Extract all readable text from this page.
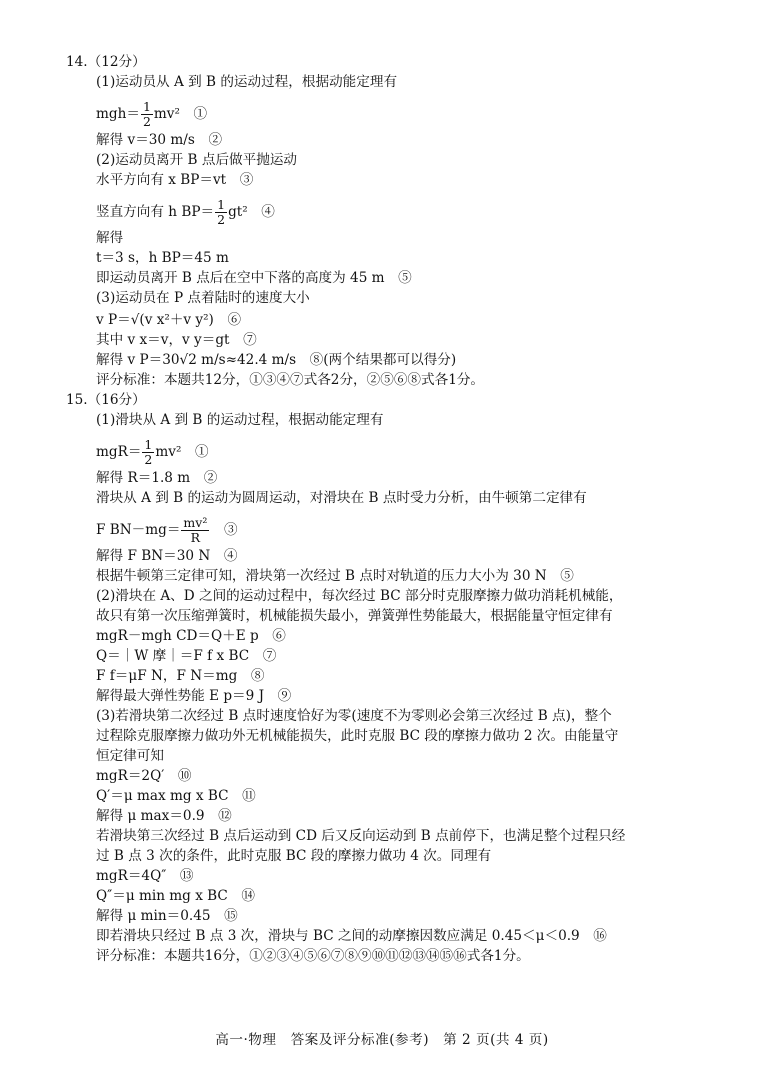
14.（12分）
(1)运动员从 A 到 B 的运动过程，根据动能定理有
$mgh= \frac{1}{2} mv^2$　①
解得 v＝30 m/s　②
(2)运动员离开 B 点后做平抛运动
水平方向有 x BP＝vt　③
竖直方向有 h $BP= \frac{1}{2} gt^2$　④
解得
t＝3 s，h BP＝45 m
即运动员离开 B 点后在空中下落的高度为 45 m　⑤
(3)运动员在 P 点着陆时的速度大小
v P＝√(v x²＋v y²)　⑥
其中 v x＝v，v y＝gt　⑦
解得 v P＝30√2 m/s≈42.4 m/s　⑧(两个结果都可以得分)
评分标准：本题共12分，①③④⑦式各2分，②⑤⑥⑧式各1分。
15.（16分）
(1)滑块从 A 到 B 的运动过程，根据动能定理有
$mgR= \frac{1}{2} mv^2$　①
解得 R＝1.8 m　②
滑块从 A 到 B 的运动为圆周运动，对滑块在 B 点时受力分析，由牛顿第二定律有
F $BN-mg= \frac{\text{mv²}}{R}$ 　③
解得 F BN＝30 N　④
根据牛顿第三定律可知，滑块第一次经过 B 点时对轨道的压力大小为 30 N　⑤
(2)滑块在 A、D 之间的运动过程中，每次经过 BC 部分时克服摩擦力做功消耗机械能，
故只有第一次压缩弹簧时，机械能损失最小，弹簧弹性势能最大，根据能量守恒定律有
mgR－mgh CD＝Q＋E p　⑥
Q＝｜W 摩｜＝F f x BC　⑦
F f＝μF N，F N＝mg　⑧
解得最大弹性势能 E p＝9 J　⑨
(3)若滑块第二次经过 B 点时速度恰好为零(速度不为零则必会第三次经过 B 点)，整个
过程除克服摩擦力做功外无机械能损失，此时克服 BC 段的摩擦力做功 2 次。由能量守
恒定律可知
mgR＝2Q′　⑩
Q′＝μ max mg x BC　⑪
解得 μ max＝0.9　⑫
若滑块第三次经过 B 点后运动到 CD 后又反向运动到 B 点前停下，也满足整个过程只经
过 B 点 3 次的条件，此时克服 BC 段的摩擦力做功 4 次。同理有
mgR＝4Q″　⑬
Q″＝μ min mg x BC　⑭
解得 μ min＝0.45　⑮
即若滑块只经过 B 点 3 次，滑块与 BC 之间的动摩擦因数应满足 0.45＜μ＜0.9　⑯
评分标准：本题共16分，①②③④⑤⑥⑦⑧⑨⑩⑪⑫⑬⑭⑮⑯式各1分。
高一·物理　答案及评分标准(参考)　第 2 页(共 4 页)
